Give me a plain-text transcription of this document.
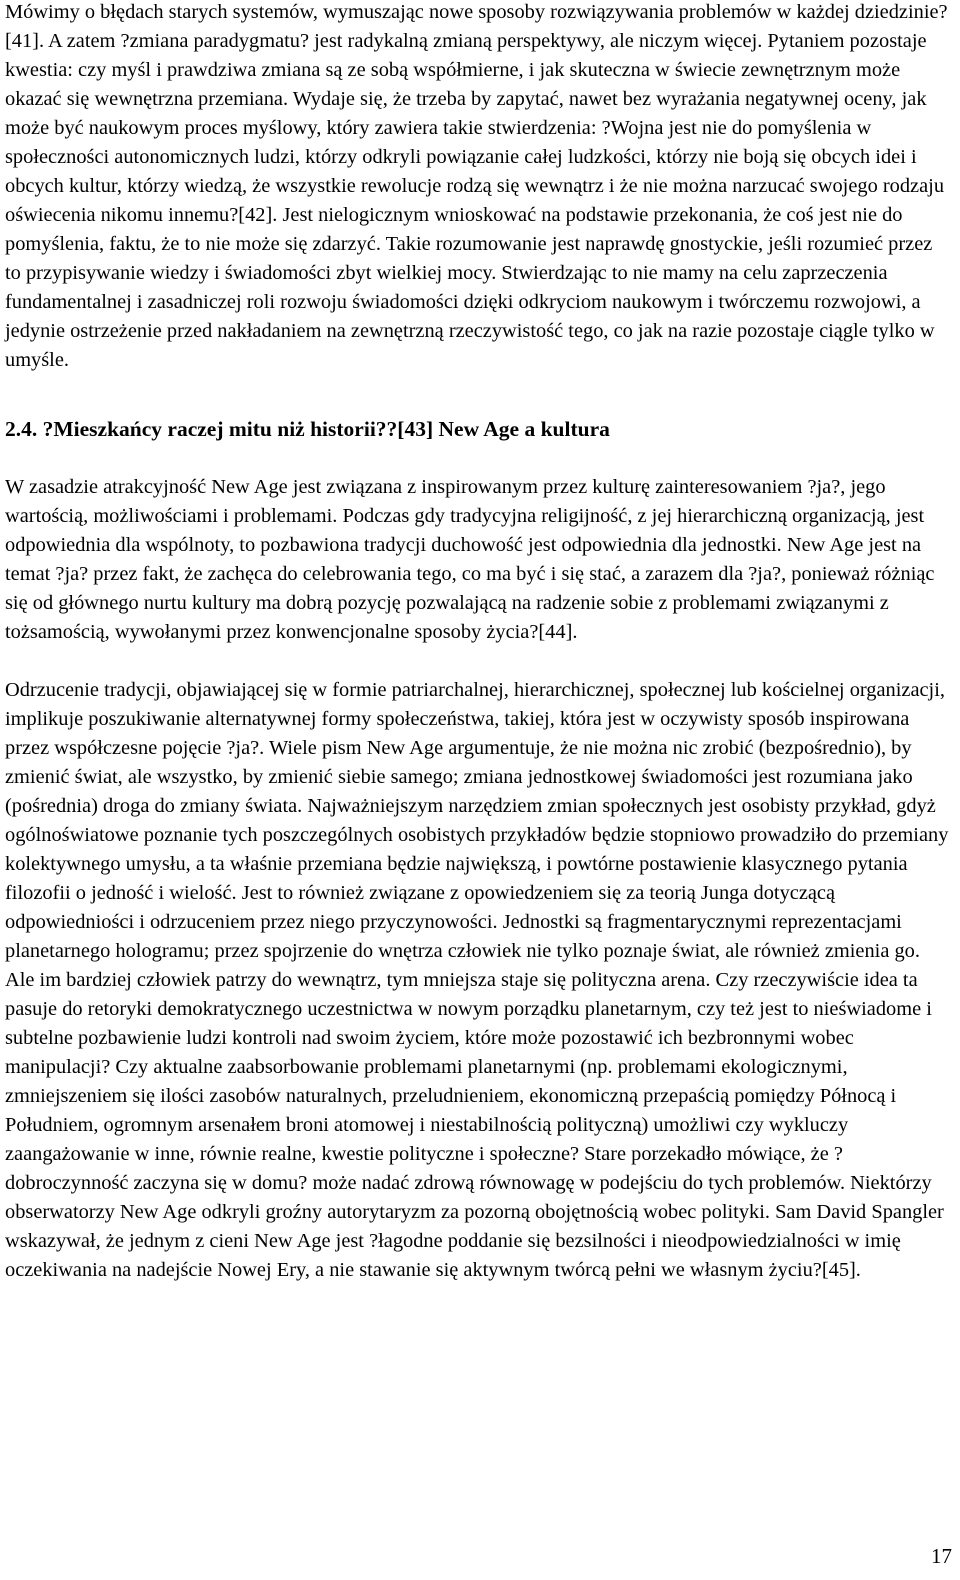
Mówimy o błędach starych systemów, wymuszając nowe sposoby rozwiązywania problemów w każdej dziedzinie?[41]. A zatem ?zmiana paradygmatu? jest radykalną zmianą perspektywy, ale niczym więcej. Pytaniem pozostaje kwestia: czy myśl i prawdziwa zmiana są ze sobą współmierne, i jak skuteczna w świecie zewnętrznym może okazać się wewnętrzna przemiana. Wydaje się, że trzeba by zapytać, nawet bez wyrażania negatywnej oceny, jak może być naukowym proces myślowy, który zawiera takie stwierdzenia: ?Wojna jest nie do pomyślenia w społeczności autonomicznych ludzi, którzy odkryli powiązanie całej ludzkości, którzy nie boją się obcych idei i obcych kultur, którzy wiedzą, że wszystkie rewolucje rodzą się wewnątrz i że nie można narzucać swojego rodzaju oświecenia nikomu innemu?[42]. Jest nielogicznym wnioskować na podstawie przekonania, że coś jest nie do pomyślenia, faktu, że to nie może się zdarzyć. Takie rozumowanie jest naprawdę gnostyckie, jeśli rozumieć przez to przypisywanie wiedzy i świadomości zbyt wielkiej mocy. Stwierdzając to nie mamy na celu zaprzeczenia fundamentalnej i zasadniczej roli rozwoju świadomości dzięki odkryciom naukowym i twórczemu rozwojowi, a jedynie ostrzeżenie przed nakładaniem na zewnętrzną rzeczywistość tego, co jak na razie pozostaje ciągle tylko w umyśle.

2.4. ?Mieszkańcy raczej mitu niż historii??[43] New Age a kultura

W zasadzie atrakcyjność New Age jest związana z inspirowanym przez kulturę zainteresowaniem ?ja?, jego wartością, możliwościami i problemami. Podczas gdy tradycyjna religijność, z jej hierarchiczną organizacją, jest odpowiednia dla wspólnoty, to pozbawiona tradycji duchowość jest odpowiednia dla jednostki. New Age jest na temat ?ja? przez fakt, że zachęca do celebrowania tego, co ma być i się stać, a zarazem dla ?ja?, ponieważ różniąc się od głównego nurtu kultury ma dobrą pozycję pozwalającą na radzenie sobie z problemami związanymi z tożsamością, wywołanymi przez konwencjonalne sposoby życia?[44].

Odrzucenie tradycji, objawiającej się w formie patriarchalnej, hierarchicznej, społecznej lub kościelnej organizacji, implikuje poszukiwanie alternatywnej formy społeczeństwa, takiej, która jest w oczywisty sposób inspirowana przez współczesne pojęcie ?ja?. Wiele pism New Age argumentuje, że nie można nic zrobić (bezpośrednio), by zmienić świat, ale wszystko, by zmienić siebie samego; zmiana jednostkowej świadomości jest rozumiana jako (pośrednia) droga do zmiany świata. Najważniejszym narzędziem zmian społecznych jest osobisty przykład, gdyż ogólnoświatowe poznanie tych poszczególnych osobistych przykładów będzie stopniowo prowadziło do przemiany kolektywnego umysłu, a ta właśnie przemiana będzie największą, i powtórne postawienie klasycznego pytania filozofii o jedność i wielość. Jest to również związane z opowiedzeniem się za teorią Junga dotyczącą odpowiedniości i odrzuceniem przez niego przyczynowości. Jednostki są fragmentarycznymi reprezentacjami planetarnego hologramu; przez spojrzenie do wnętrza człowiek nie tylko poznaje świat, ale również zmienia go. Ale im bardziej człowiek patrzy do wewnątrz, tym mniejsza staje się polityczna arena. Czy rzeczywiście idea ta pasuje do retoryki demokratycznego uczestnictwa w nowym porządku planetarnym, czy też jest to nieświadome i subtelne pozbawienie ludzi kontroli nad swoim życiem, które może pozostawić ich bezbronnymi wobec manipulacji? Czy aktualne zaabsorbowanie problemami planetarnymi (np. problemami ekologicznymi, zmniejszeniem się ilości zasobów naturalnych, przeludnieniem, ekonomiczną przepaścią pomiędzy Północą i Południem, ogromnym arsenałem broni atomowej i niestabilnością polityczną) umożliwi czy wykluczy zaangażowanie w inne, równie realne, kwestie polityczne i społeczne? Stare porzekadło mówiące, że ?dobroczynność zaczyna się w domu? może nadać zdrową równowagę w podejściu do tych problemów. Niektórzy obserwatorzy New Age odkryli groźny autorytaryzm za pozorną obojętnością wobec polityki. Sam David Spangler wskazywał, że jednym z cieni New Age jest ?łagodne poddanie się bezsilności i nieodpowiedzialności w imię oczekiwania na nadejście Nowej Ery, a nie stawanie się aktywnym twórcą pełni we własnym życiu?[45].

17
